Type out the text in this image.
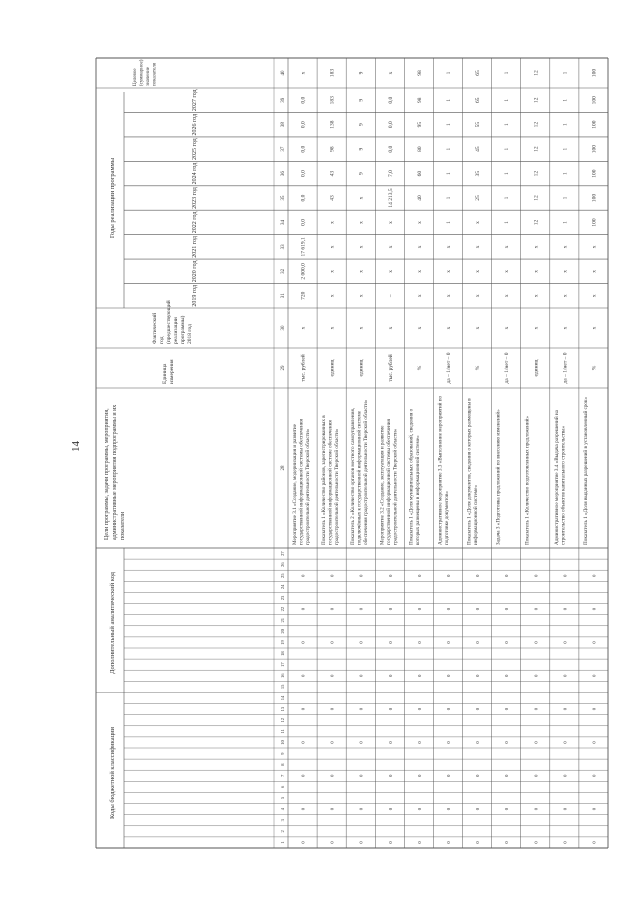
14
Коды бюджетной классификации
Дополнительный аналитический код
Цели программы, задачи программы, мероприятия, административные мероприятия подпрограммы и их показатели
Годы реализации программы
Единицаизмерения
Фактическийгод(предшествующийреализациипрограммы)2018 год
Целевое (суммарное) значение показателя
2019 год
2020 год
2021 год
2022 год
2023 год
2024 год
2025 год
2026 год
2027 год
1
2
3
4
5
6
7
8
9
10
11
12
13
14
15
16
17
18
19
20
21
22
23
24
25
26
27
28
29
30
31
32
33
34
35
36
37
38
39
40
0
0
0
0
0
0
0
0
0
Мероприятие 3.1 «Создание, модернизация и развитиегосударственной информационной системы обеспеченияградостроительной деятельности Тверской области»
тыс. рублей
х
720
2 000,0
17 619,1
0,0
0,0
0,0
0,0
0,0
0,0
х
0
0
0
0
0
0
0
0
0
Показатель 1 «Количество районов, зарегистрированных вгосударственной информационной системе обеспеченияградостроительной деятельности Тверской области»
единиц
х
х
х
х
х
43
43
98
138
183
183
0
0
0
0
0
0
0
0
0
Показатель 2 «Количество органов местного самоуправления,подключённых к государственной информационной системеобеспечения градостроительной деятельности Тверской области»
единиц
х
х
х
х
х
х
9
9
9
9
9
0
0
0
0
0
0
0
0
0
Мероприятие 3.2 «Создание, эксплуатация и развитиегосударственной информационной системы обеспеченияградостроительной деятельности Тверской области»
тыс. рублей
х
–
х
х
х
14 213,5
7,0
0,0
0,0
0,0
х
0
0
0
0
0
0
0
0
0
Показатель 1 «Доля муниципальных образований, сведения окоторых размещены в информационной системе»
%
х
х
х
х
х
40
60
80
95
98
98
0
0
0
0
0
0
0
0
0
Административное мероприятие 3.3 «Выполнение мероприятий поподготовке документов»
да – 1/нет – 0
х
х
х
х
1
1
1
1
1
1
1
0
0
0
0
0
0
0
0
0
Показатель 1 «Доля документов, сведения о которых размещены винформационной системе»
%
х
х
х
х
х
25
35
45
55
65
65
0
0
0
0
0
0
0
0
0
Задача 3 «Подготовка предложений по внесению изменений»
да – 1/нет – 0
х
х
х
х
1
1
1
1
1
1
1
0
0
0
0
0
0
0
0
0
Показатель 1 «Количество подготовленных предложений»
единиц
х
х
х
х
12
12
12
12
12
12
12
0
0
0
0
0
0
0
0
0
Административное мероприятие 3.4 «Выдача разрешений настроительство объектов капитального строительства»
да – 1/нет – 0
х
х
х
х
1
1
1
1
1
1
1
0
0
0
0
0
0
0
0
0
Показатель 1 «Доля выданных разрешений в установленный срок»
%
х
х
х
х
100
100
100
100
100
100
100
